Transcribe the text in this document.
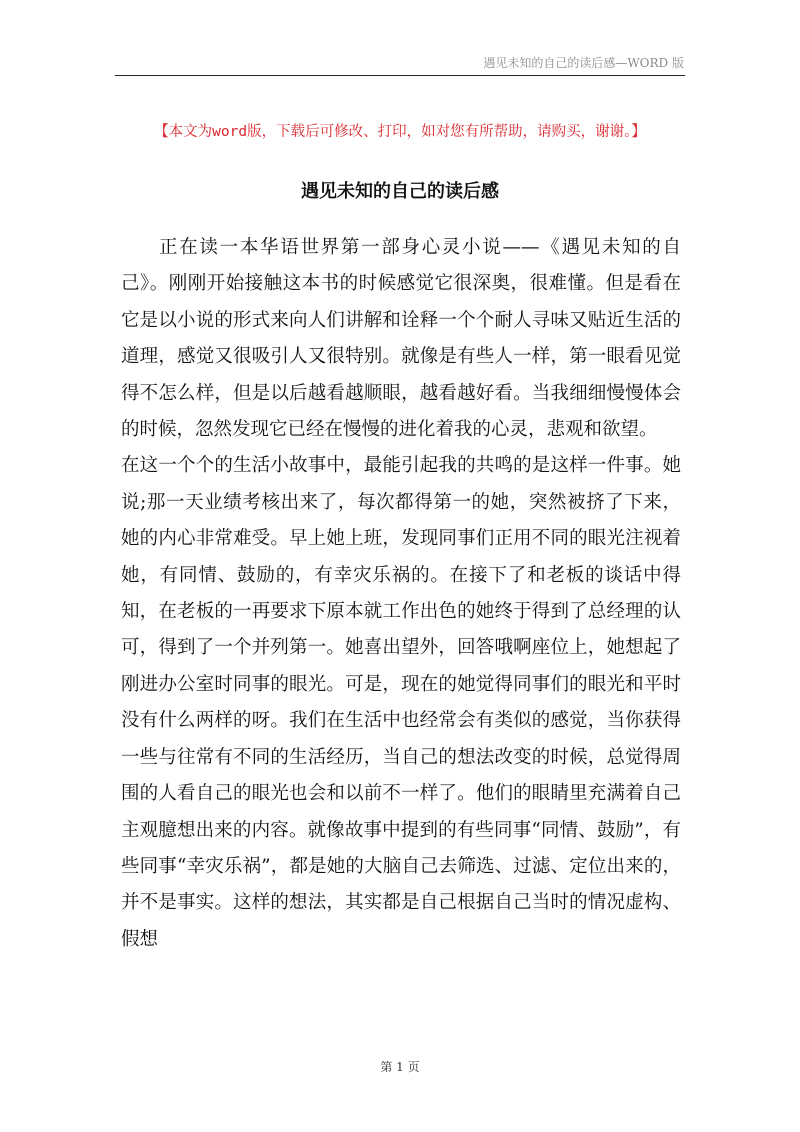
遇见未知的自己的读后感—WORD 版
【本文为word版，下载后可修改、打印，如对您有所帮助，请购买，谢谢。】
遇见未知的自己的读后感

正在读一本华语世界第一部身心灵小说——《遇见未知的自己》。刚刚开始接触这本书的时候感觉它很深奥，很难懂。但是看在它是以小说的形式来向人们讲解和诠释一个个耐人寻味又贴近生活的道理，感觉又很吸引人又很特别。就像是有些人一样，第一眼看见觉得不怎么样，但是以后越看越顺眼，越看越好看。当我细细慢慢体会的时候，忽然发现它已经在慢慢的进化着我的心灵，悲观和欲望。

在这一个个的生活小故事中，最能引起我的共鸣的是这样一件事。她说;那一天业绩考核出来了，每次都得第一的她，突然被挤了下来，她的内心非常难受。早上她上班，发现同事们正用不同的眼光注视着她，有同情、鼓励的，有幸灾乐祸的。在接下了和老板的谈话中得知，在老板的一再要求下原本就工作出色的她终于得到了总经理的认可，得到了一个并列第一。她喜出望外，回答哦啊座位上，她想起了刚进办公室时同事的眼光。可是，现在的她觉得同事们的眼光和平时没有什么两样的呀。我们在生活中也经常会有类似的感觉，当你获得一些与往常有不同的生活经历，当自己的想法改变的时候，总觉得周围的人看自己的眼光也会和以前不一样了。他们的眼睛里充满着自己主观臆想出来的内容。就像故事中提到的有些同事“同情、鼓励”，有些同事“幸灾乐祸”，都是她的大脑自己去筛选、过滤、定位出来的，并不是事实。这样的想法，其实都是自己根据自己当时的情况虚构、假想

第 1 页
